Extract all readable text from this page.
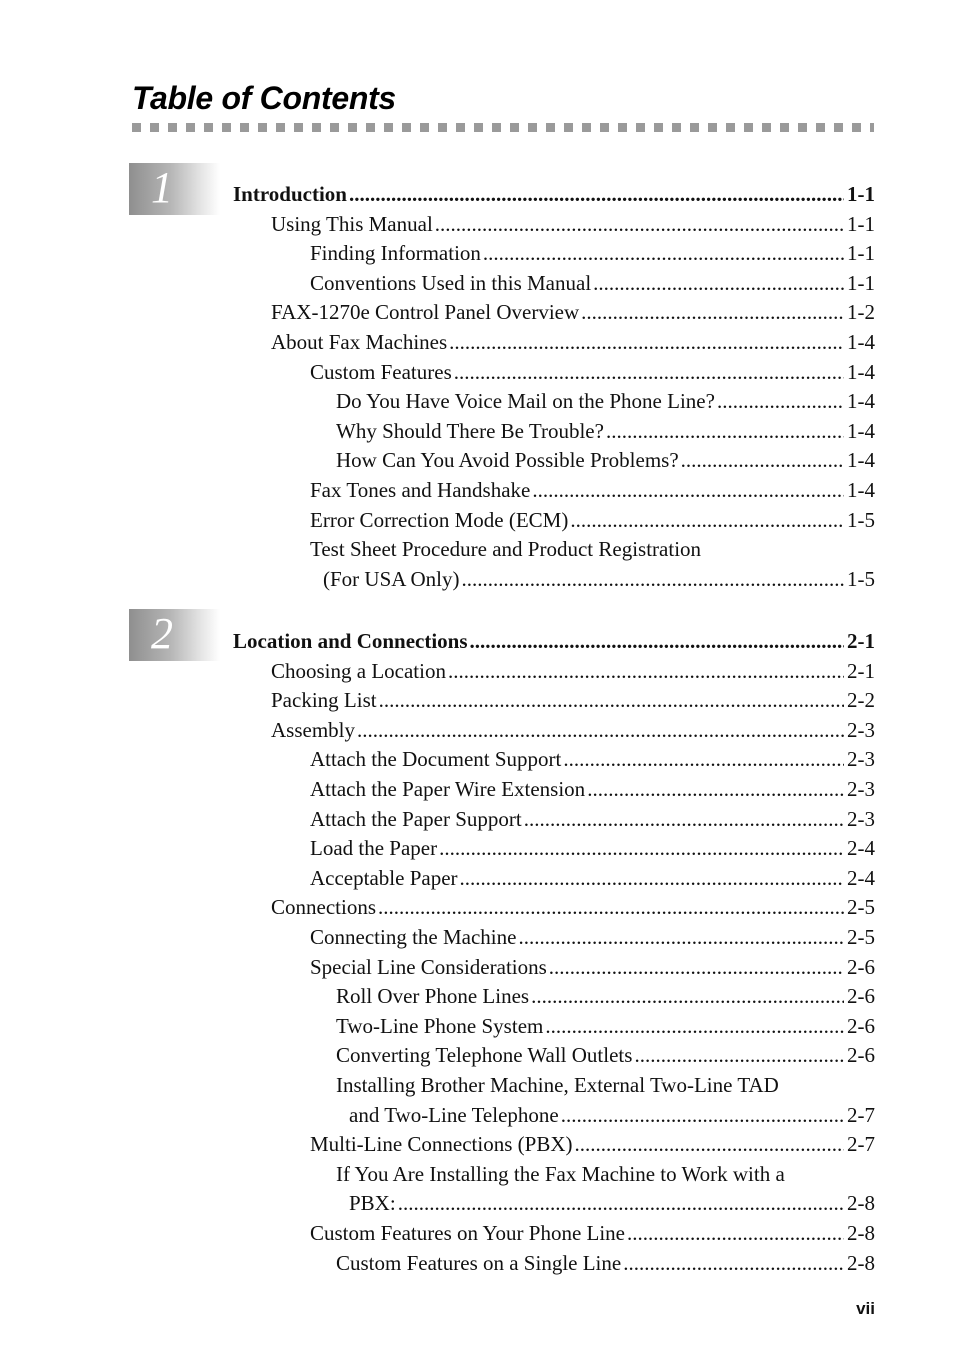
Table of Contents
1	Introduction .....	1-1
Using This Manual .....	1-1
Finding Information .....	1-1
Conventions Used in this Manual .....	1-1
FAX-1270e Control Panel Overview .....	1-2
About Fax Machines .....	1-4
Custom Features .....	1-4
Do You Have Voice Mail on the Phone Line? .....	1-4
Why Should There Be Trouble? .....	1-4
How Can You Avoid Possible Problems? .....	1-4
Fax Tones and Handshake .....	1-4
Error Correction Mode (ECM) .....	1-5
Test Sheet Procedure and Product Registration
(For USA Only) .....	1-5
2	Location and Connections .....	2-1
Choosing a Location .....	2-1
Packing List .....	2-2
Assembly .....	2-3
Attach the Document Support .....	2-3
Attach the Paper Wire Extension .....	2-3
Attach the Paper Support .....	2-3
Load the Paper .....	2-4
Acceptable Paper .....	2-4
Connections .....	2-5
Connecting the Machine .....	2-5
Special Line Considerations .....	2-6
Roll Over Phone Lines .....	2-6
Two-Line Phone System .....	2-6
Converting Telephone Wall Outlets .....	2-6
Installing Brother Machine, External Two-Line TAD
and Two-Line Telephone .....	2-7
Multi-Line Connections (PBX) .....	2-7
If You Are Installing the Fax Machine to Work with a
PBX: .....	2-8
Custom Features on Your Phone Line .....	2-8
Custom Features on a Single Line .....	2-8
vii
